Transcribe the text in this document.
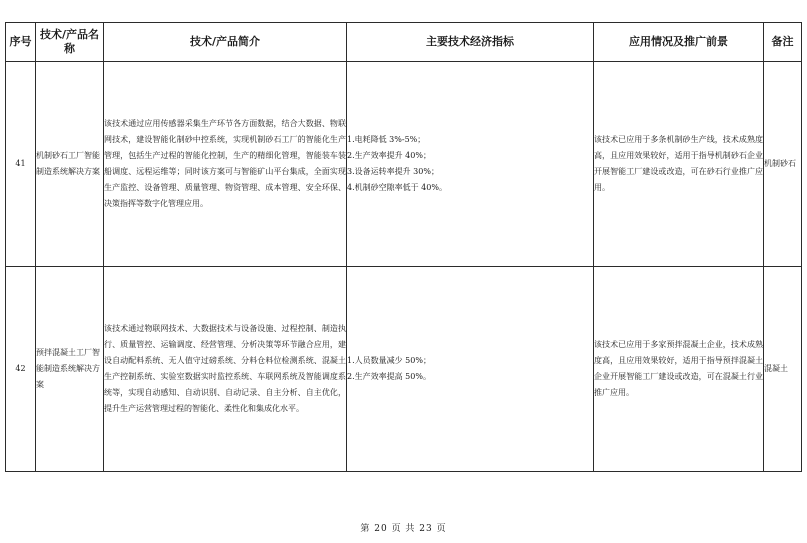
序号	技术/产品名称	技术/产品简介	主要技术经济指标	应用情况及推广前景	备注
41	机制砂石工厂智能制造系统解决方案	该技术通过应用传感器采集生产环节各方面数据，结合大数据、物联网技术，建设智能化制砂中控系统，实现机制砂石工厂的智能化生产管理，包括生产过程的智能化控制，生产的精细化管理，智能装车装船调度、远程运维等；同时该方案可与智能矿山平台集成，全面实现生产监控、设备管理、质量管理、物资管理、成本管理、安全环保、决策指挥等数字化管理应用。	1.电耗降低 3%-5%；
2.生产效率提升 40%；
3.设备运转率提升 30%；
4.机制砂空隙率低于 40%。	该技术已应用于多条机制砂生产线，技术成熟度高，且应用效果较好，适用于指导机制砂石企业开展智能工厂建设或改造，可在砂石行业推广应用。	机制砂石
42	预拌混凝土工厂智能制造系统解决方案	该技术通过物联网技术、大数据技术与设备设施、过程控制、制造执行、质量管控、运输调度、经营管理、分析决策等环节融合应用，建设自动配料系统、无人值守过磅系统、分料仓料位检测系统、混凝土生产控制系统、实验室数据实时监控系统、车联网系统及智能调度系统等，实现自动感知、自动识别、自动记录、自主分析、自主优化，提升生产运营管理过程的智能化、柔性化和集成化水平。	1.人员数量减少 50%；
2.生产效率提高 50%。	该技术已应用于多家预拌混凝土企业，技术成熟度高，且应用效果较好，适用于指导预拌混凝土企业开展智能工厂建设或改造，可在混凝土行业推广应用。	混凝土
第 20 页 共 23 页
